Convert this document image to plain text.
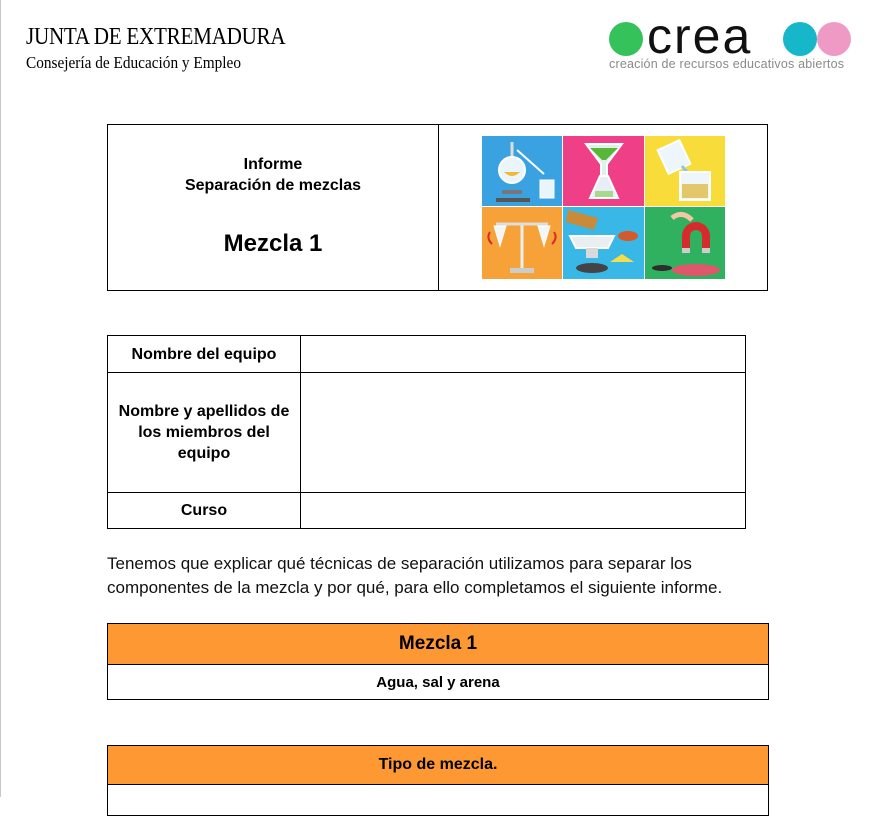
JUNTA DE EXTREMADURA
Consejería de Educación y Empleo	crea
creación de recursos educativos abiertos
Informe
Separación de mezclas
Mezcla 1

Nombre del equipo	
Nombre y apellidos de los miembros del equipo	
Curso	
Tenemos que explicar qué técnicas de separación utilizamos para separar los componentes de la mezcla y por qué, para ello completamos el siguiente informe.
Mezcla 1
Agua, sal y arena
Tipo de mezcla.
